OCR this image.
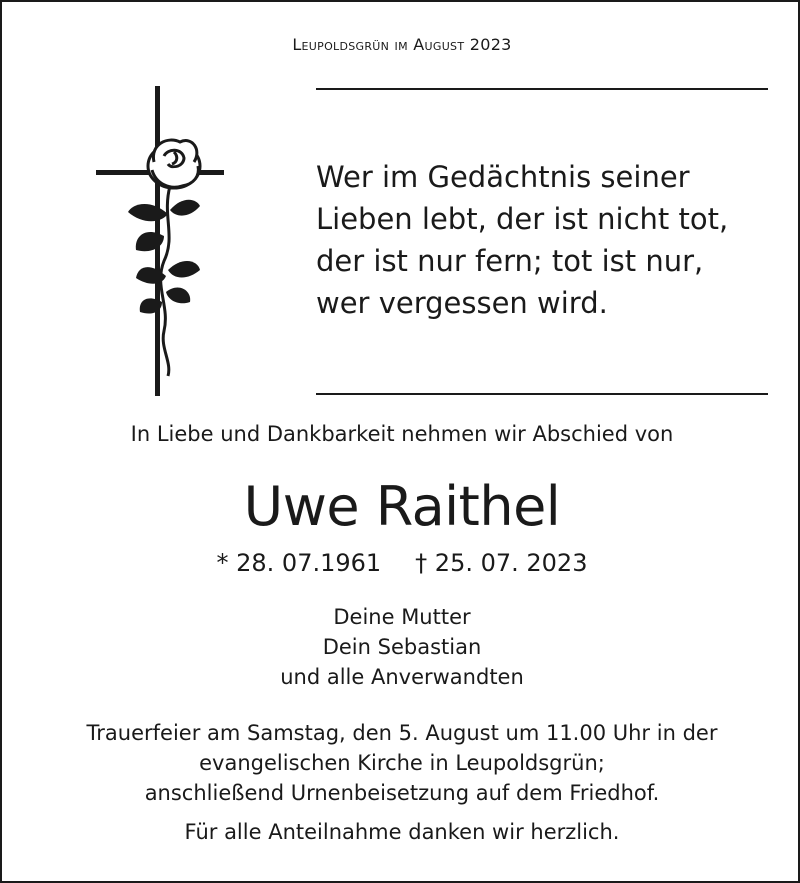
Leupoldsgrün im August 2023
Wer im Gedächtnis seiner
Lieben lebt, der ist nicht tot,
der ist nur fern; tot ist nur,
wer vergessen wird.
In Liebe und Dankbarkeit nehmen wir Abschied von
Uwe Raithel
* 28. 07.1961 † 25. 07. 2023
Deine Mutter
Dein Sebastian
und alle Anverwandten
Trauerfeier am Samstag, den 5. August um 11.00 Uhr in der
evangelischen Kirche in Leupoldsgrün;
anschließend Urnenbeisetzung auf dem Friedhof.
Für alle Anteilnahme danken wir herzlich.
